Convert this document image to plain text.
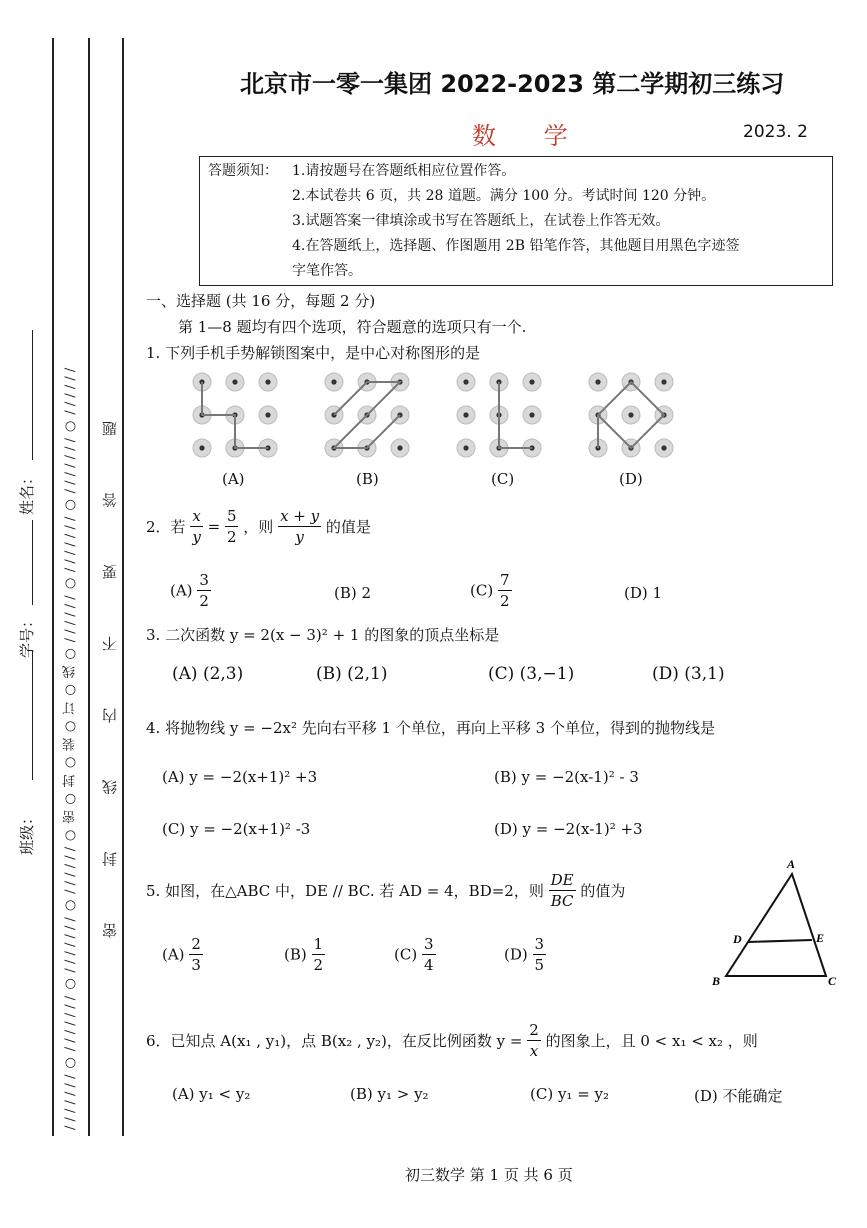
/ / / / / / / ○ / / / / / / / ○ / / / / / / / ○ / / / / / / ○ 密 ○ 封 ○ 装 ○ 订 ○ 线 ○ / / / / / / ○ / / / / / / / ○ / / / / / / / ○ / / / / / / 密 封 线 内 不 要 答 题
姓名：
学号：
班级：
北京市一零一集团 2022-2023 第二学期初三练习
数 学	2023. 2
答题须知： 1.请按题号在答题纸相应位置作答。
2.本试卷共 6 页，共 28 道题。满分 100 分。考试时间 120 分钟。
3.试题答案一律填涂或书写在答题纸上，在试卷上作答无效。
4.在答题纸上，选择题、作图题用 2B 铅笔作答，其他题目用黑色字迹签
字笔作答。
一、选择题 (共 16 分，每题 2 分)
第 1—8 题均有四个选项，符合题意的选项只有一个.
1. 下列手机手势解锁图案中，是中心对称图形的是
(A)	(B)	(C)	(D)
2．若 $\frac{x}{y} = \frac{5}{2}$ ，则 $\frac{x + y}{y}$ 的值是
$(A) \frac{3}{2}$	(B) 2	$(C) \frac{7}{2}$	(D) 1
3. 二次函数 y = 2(x − 3)² + 1 的图象的顶点坐标是
(A) (2,3)	(B) (2,1)	(C) (3,−1)	(D) (3,1)
4. 将抛物线 y = −2x² 先向右平移 1 个单位，再向上平移 3 个单位，得到的抛物线是
(A) y = −2(x+1)² +3	(B) y = −2(x-1)² - 3
(C) y = −2(x+1)² -3	(D) y = −2(x-1)² +3
5. 如图，在△ABC 中，DE // BC. 若 AD = 4，BD=2，则 $\frac{DE}{BC}$ 的值为
$(A) \frac{2}{3}$	$(B) \frac{1}{2}$	$(C) \frac{3}{4}$	$(D) \frac{3}{5}$
A
B	C
D	E
6．已知点 A(x₁ , y₁)，点 B(x₂ , y₂)，在反比例函数 $y = \frac{2}{x}$ 的图象上，且 0 < x₁ < x₂ ，则
(A) y₁ < y₂	(B) y₁ > y₂	(C) y₁ = y₂	(D) 不能确定
初三数学 第 1 页 共 6 页
